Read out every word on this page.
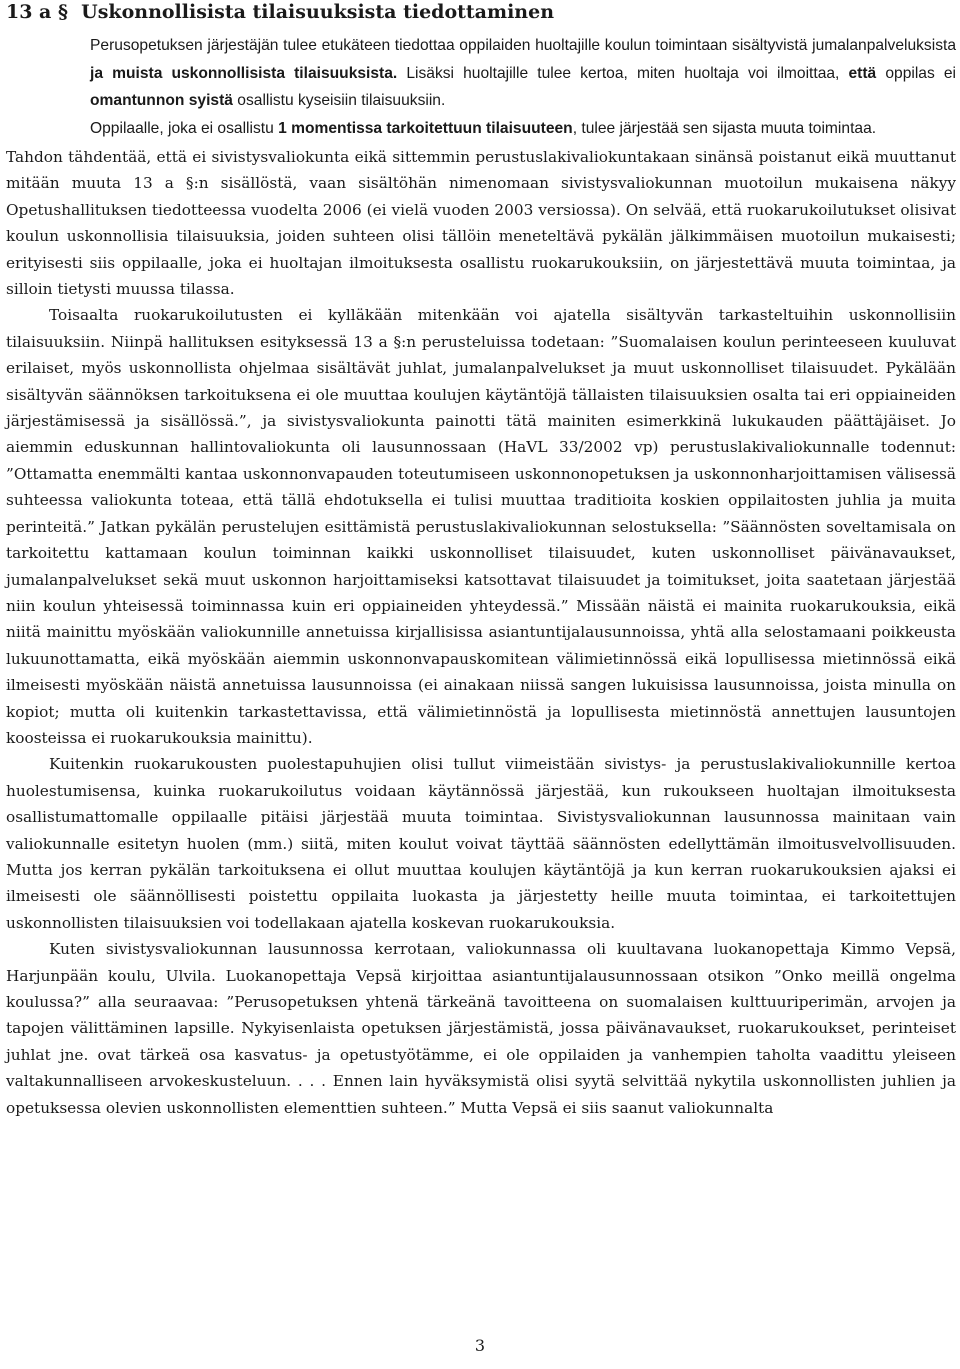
13 a § Uskonnollisista tilaisuuksista tiedottaminen

Perusopetuksen järjestäjän tulee etukäteen tiedottaa oppilaiden huoltajille koulun toimintaan sisältyvistä jumalanpalveluksista ja muista uskonnollisista tilaisuuksista. Lisäksi huoltajille tulee kertoa, miten huoltaja voi ilmoittaa, että oppilas ei omantunnon syistä osallistu kyseisiin tilaisuuksiin.

Oppilaalle, joka ei osallistu 1 momentissa tarkoitettuun tilaisuuteen, tulee järjestää sen sijasta muuta toimintaa.

Tahdon tähdentää, että ei sivistysvaliokunta eikä sittemmin perustuslakivaliokuntakaan sinänsä poistanut eikä muuttanut mitään muuta 13 a §:n sisällöstä, vaan sisältöhän nimenomaan sivistysvaliokunnan muotoilun mukaisena näkyy Opetushallituksen tiedotteessa vuodelta 2006 (ei vielä vuoden 2003 versiossa). On selvää, että ruokarukoilutukset olisivat koulun uskonnollisia tilaisuuksia, joiden suhteen olisi tällöin meneteltävä pykälän jälkimmäisen muotoilun mukaisesti; erityisesti siis oppilaalle, joka ei huoltajan ilmoituksesta osallistu ruokarukouksiin, on järjestettävä muuta toimintaa, ja silloin tietysti muussa tilassa.

Toisaalta ruokarukoilutusten ei kylläkään mitenkään voi ajatella sisältyvän tarkasteltuihin uskonnollisiin tilaisuuksiin. Niinpä hallituksen esityksessä 13 a §:n perusteluissa todetaan: ”Suomalaisen koulun perinteeseen kuuluvat erilaiset, myös uskonnollista ohjelmaa sisältävät juhlat, jumalanpalvelukset ja muut uskonnolliset tilaisuudet. Pykälään sisältyvän säännöksen tarkoituksena ei ole muuttaa koulujen käytäntöjä tällaisten tilaisuuksien osalta tai eri oppiaineiden järjestämisessä ja sisällössä.”, ja sivistysvaliokunta painotti tätä mainiten esimerkkinä lukukauden päättäjäiset. Jo aiemmin eduskunnan hallintovaliokunta oli lausunnossaan (HaVL 33/2002 vp) perustuslakivaliokunnalle todennut: ”Ottamatta enemmälti kantaa uskonnonvapauden toteutumiseen uskonnonopetuksen ja uskonnonharjoittamisen välisessä suhteessa valiokunta toteaa, että tällä ehdotuksella ei tulisi muuttaa traditioita koskien oppilaitosten juhlia ja muita perinteitä.” Jatkan pykälän perustelujen esittämistä perustuslakivaliokunnan selostuksella: ”Säännösten soveltamisala on tarkoitettu kattamaan koulun toiminnan kaikki uskonnolliset tilaisuudet, kuten uskonnolliset päivänavaukset, jumalanpalvelukset sekä muut uskonnon harjoittamiseksi katsottavat tilaisuudet ja toimitukset, joita saatetaan järjestää niin koulun yhteisessä toiminnassa kuin eri oppiaineiden yhteydessä.” Missään näistä ei mainita ruokarukouksia, eikä niitä mainittu myöskään valiokunnille annetuissa kirjallisissa asiantuntijalausunnoissa, yhtä alla selostamaani poikkeusta lukuunottamatta, eikä myöskään aiemmin uskonnonvapauskomitean välimietinnössä eikä lopullisessa mietinnössä eikä ilmeisesti myöskään näistä annetuissa lausunnoissa (ei ainakaan niissä sangen lukuisissa lausunnoissa, joista minulla on kopiot; mutta oli kuitenkin tarkastettavissa, että välimietinnöstä ja lopullisesta mietinnöstä annettujen lausuntojen koosteissa ei ruokarukouksia mainittu).

Kuitenkin ruokarukousten puolestapuhujien olisi tullut viimeistään sivistys- ja perustuslakivaliokunnille kertoa huolestumisensa, kuinka ruokarukoilutus voidaan käytännössä järjestää, kun rukoukseen huoltajan ilmoituksesta osallistumattomalle oppilaalle pitäisi järjestää muuta toimintaa. Sivistysvaliokunnan lausunnossa mainitaan vain valiokunnalle esitetyn huolen (mm.) siitä, miten koulut voivat täyttää säännösten edellyttämän ilmoitusvelvollisuuden. Mutta jos kerran pykälän tarkoituksena ei ollut muuttaa koulujen käytäntöjä ja kun kerran ruokarukouksien ajaksi ei ilmeisesti ole säännöllisesti poistettu oppilaita luokasta ja järjestetty heille muuta toimintaa, ei tarkoitettujen uskonnollisten tilaisuuksien voi todellakaan ajatella koskevan ruokarukouksia.

Kuten sivistysvaliokunnan lausunnossa kerrotaan, valiokunnassa oli kuultavana luokanopettaja Kimmo Vepsä, Harjunpään koulu, Ulvila. Luokanopettaja Vepsä kirjoittaa asiantuntijalausunnossaan otsikon ”Onko meillä ongelma koulussa?” alla seuraavaa: ”Perusopetuksen yhtenä tärkeänä tavoitteena on suomalaisen kulttuuriperimän, arvojen ja tapojen välittäminen lapsille. Nykyisenlaista opetuksen järjestämistä, jossa päivänavaukset, ruokarukoukset, perinteiset juhlat jne. ovat tärkeä osa kasvatus- ja opetustyötämme, ei ole oppilaiden ja vanhempien taholta vaadittu yleiseen valtakunnalliseen arvokeskusteluun. . . . Ennen lain hyväksymistä olisi syytä selvittää nykytila uskonnollisten juhlien ja opetuksessa olevien uskonnollisten elementtien suhteen.” Mutta Vepsä ei siis saanut valiokunnalta

3
